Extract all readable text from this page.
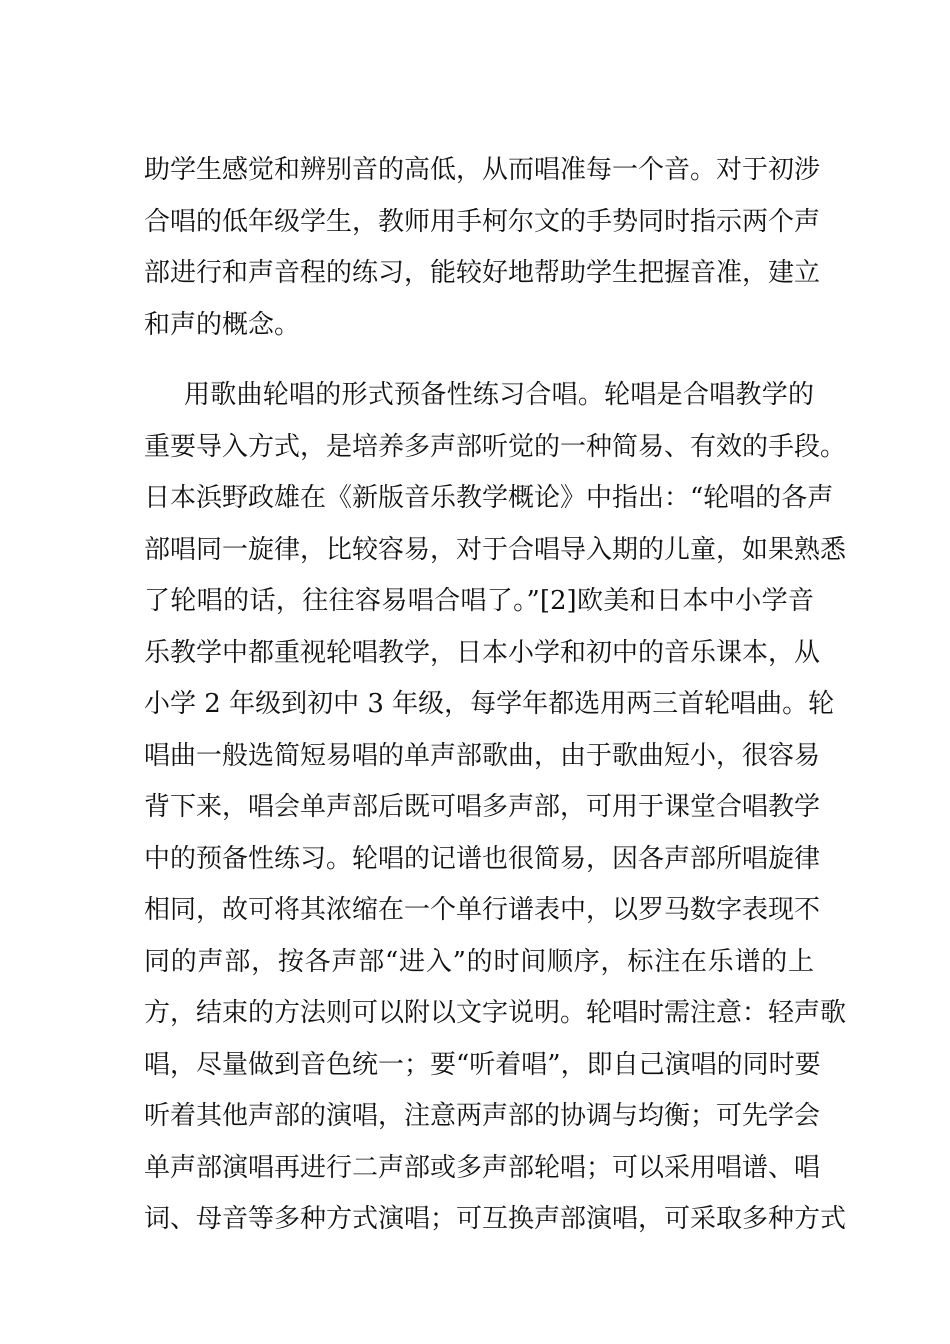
助学生感觉和辨别音的高低，从而唱准每一个音。对于初涉
合唱的低年级学生，教师用手柯尔文的手势同时指示两个声
部进行和声音程的练习，能较好地帮助学生把握音准，建立
和声的概念。
用歌曲轮唱的形式预备性练习合唱。轮唱是合唱教学的
重要导入方式，是培养多声部听觉的一种简易、有效的手段。
日本浜野政雄在《新版音乐教学概论》中指出：“轮唱的各声
部唱同一旋律，比较容易，对于合唱导入期的儿童，如果熟悉
了轮唱的话，往往容易唱合唱了。”[2]欧美和日本中小学音
乐教学中都重视轮唱教学，日本小学和初中的音乐课本，从
小学 2 年级到初中 3 年级，每学年都选用两三首轮唱曲。轮
唱曲一般选简短易唱的单声部歌曲，由于歌曲短小，很容易
背下来，唱会单声部后既可唱多声部，可用于课堂合唱教学
中的预备性练习。轮唱的记谱也很简易，因各声部所唱旋律
相同，故可将其浓缩在一个单行谱表中，以罗马数字表现不
同的声部，按各声部“进入”的时间顺序，标注在乐谱的上
方，结束的方法则可以附以文字说明。轮唱时需注意：轻声歌
唱，尽量做到音色统一；要“听着唱”，即自己演唱的同时要
听着其他声部的演唱，注意两声部的协调与均衡；可先学会
单声部演唱再进行二声部或多声部轮唱；可以采用唱谱、唱
词、母音等多种方式演唱；可互换声部演唱，可采取多种方式
